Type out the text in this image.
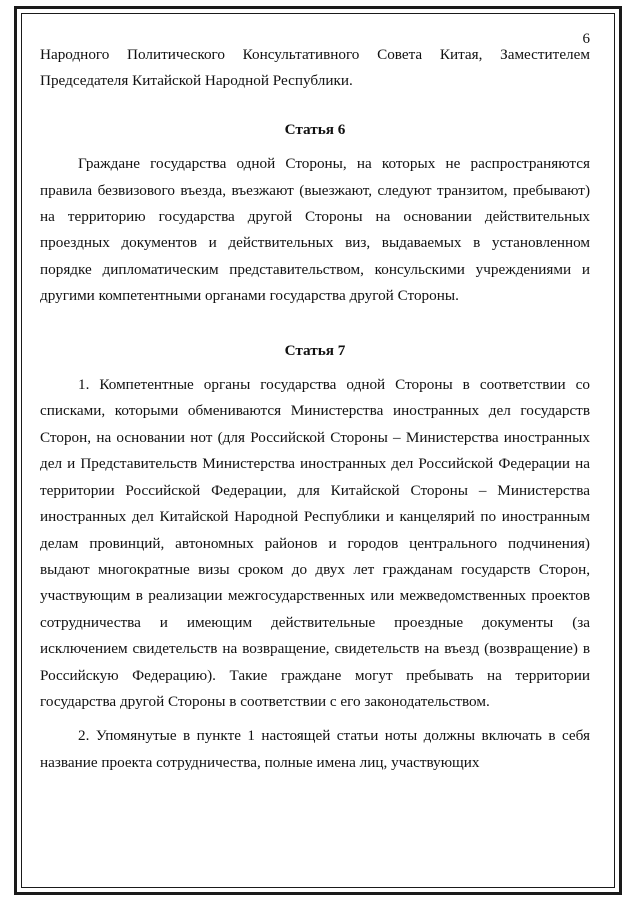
6

Народного Политического Консультативного Совета Китая, Заместителем Председателя Китайской Народной Республики.

Статья 6

Граждане государства одной Стороны, на которых не распространяются правила безвизового въезда, въезжают (выезжают, следуют транзитом, пребывают) на территорию государства другой Стороны на основании действительных проездных документов и действительных виз, выдаваемых в установленном порядке дипломатическим представительством, консульскими учреждениями и другими компетентными органами государства другой Стороны.

Статья 7

1. Компетентные органы государства одной Стороны в соответствии со списками, которыми обмениваются Министерства иностранных дел государств Сторон, на основании нот (для Российской Стороны – Министерства иностранных дел и Представительств Министерства иностранных дел Российской Федерации на территории Российской Федерации, для Китайской Стороны – Министерства иностранных дел Китайской Народной Республики и канцелярий по иностранным делам провинций, автономных районов и городов центрального подчинения) выдают многократные визы сроком до двух лет гражданам государств Сторон, участвующим в реализации межгосударственных или межведомственных проектов сотрудничества и имеющим действительные проездные документы (за исключением свидетельств на возвращение, свидетельств на въезд (возвращение) в Российскую Федерацию). Такие граждане могут пребывать на территории государства другой Стороны в соответствии с его законодательством.

2. Упомянутые в пункте 1 настоящей статьи ноты должны включать в себя название проекта сотрудничества, полные имена лиц, участвующих
